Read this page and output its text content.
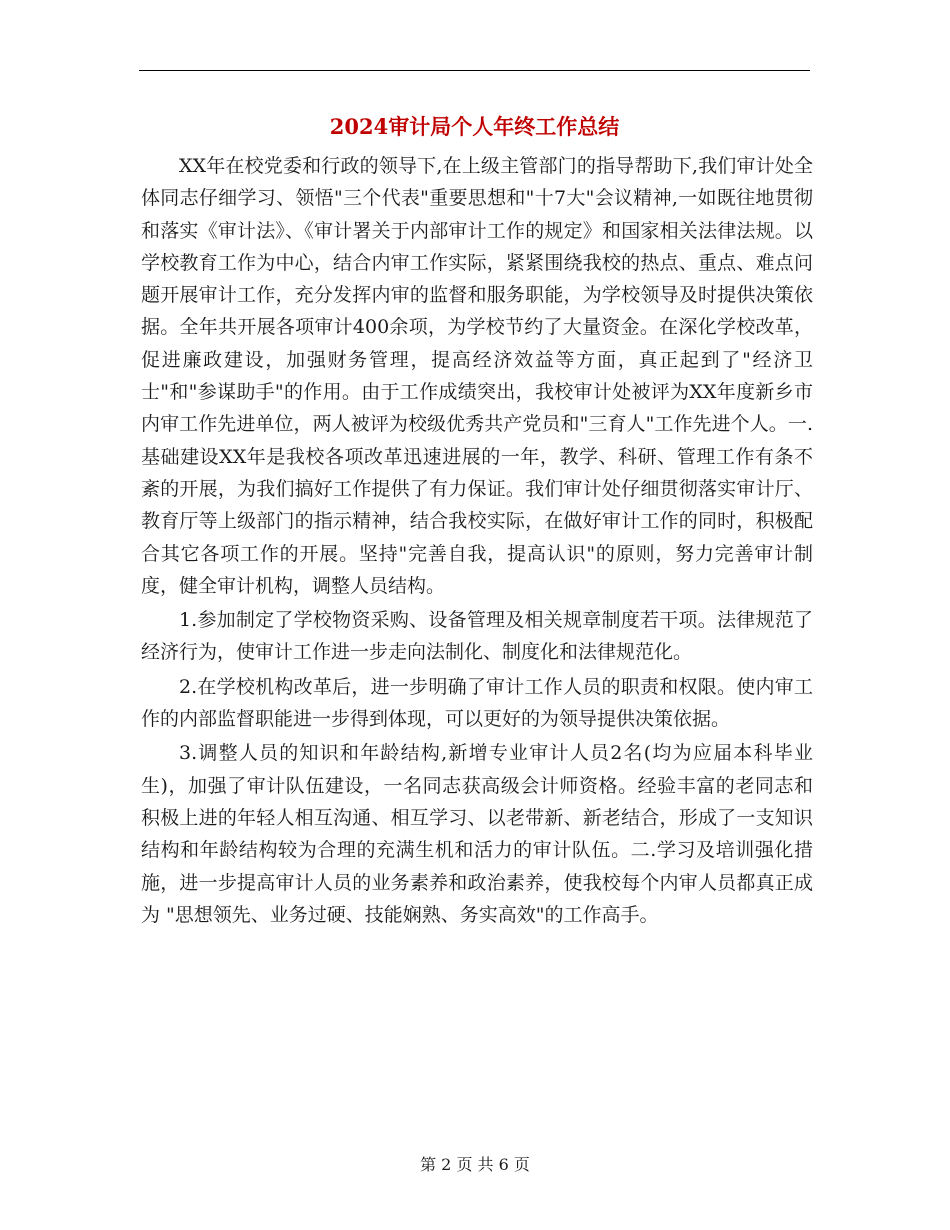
2024审计局个人年终工作总结

XX年在校党委和行政的领导下,在上级主管部门的指导帮助下,我们审计处全体同志仔细学习、领悟"三个代表"重要思想和"十7大"会议精神,一如既往地贯彻和落实《审计法》、《审计署关于内部审计工作的规定》和国家相关法律法规。以学校教育工作为中心，结合内审工作实际，紧紧围绕我校的热点、重点、难点问题开展审计工作，充分发挥内审的监督和服务职能，为学校领导及时提供决策依据。全年共开展各项审计400余项，为学校节约了大量资金。在深化学校改革，促进廉政建设，加强财务管理，提高经济效益等方面，真正起到了"经济卫士"和"参谋助手"的作用。由于工作成绩突出，我校审计处被评为XX年度新乡市内审工作先进单位，两人被评为校级优秀共产党员和"三育人"工作先进个人。一.基础建设XX年是我校各项改革迅速进展的一年，教学、科研、管理工作有条不紊的开展，为我们搞好工作提供了有力保证。我们审计处仔细贯彻落实审计厅、教育厅等上级部门的指示精神，结合我校实际，在做好审计工作的同时，积极配合其它各项工作的开展。坚持"完善自我，提高认识"的原则，努力完善审计制度，健全审计机构，调整人员结构。

1.参加制定了学校物资采购、设备管理及相关规章制度若干项。法律规范了经济行为，使审计工作进一步走向法制化、制度化和法律规范化。

2.在学校机构改革后，进一步明确了审计工作人员的职责和权限。使内审工作的内部监督职能进一步得到体现，可以更好的为领导提供决策依据。

3.调整人员的知识和年龄结构,新增专业审计人员2名(均为应届本科毕业生)，加强了审计队伍建设，一名同志获高级会计师资格。经验丰富的老同志和积极上进的年轻人相互沟通、相互学习、以老带新、新老结合，形成了一支知识结构和年龄结构较为合理的充满生机和活力的审计队伍。二.学习及培训强化措施，进一步提高审计人员的业务素养和政治素养，使我校每个内审人员都真正成为 "思想领先、业务过硬、技能娴熟、务实高效"的工作高手。

第 2 页 共 6 页
